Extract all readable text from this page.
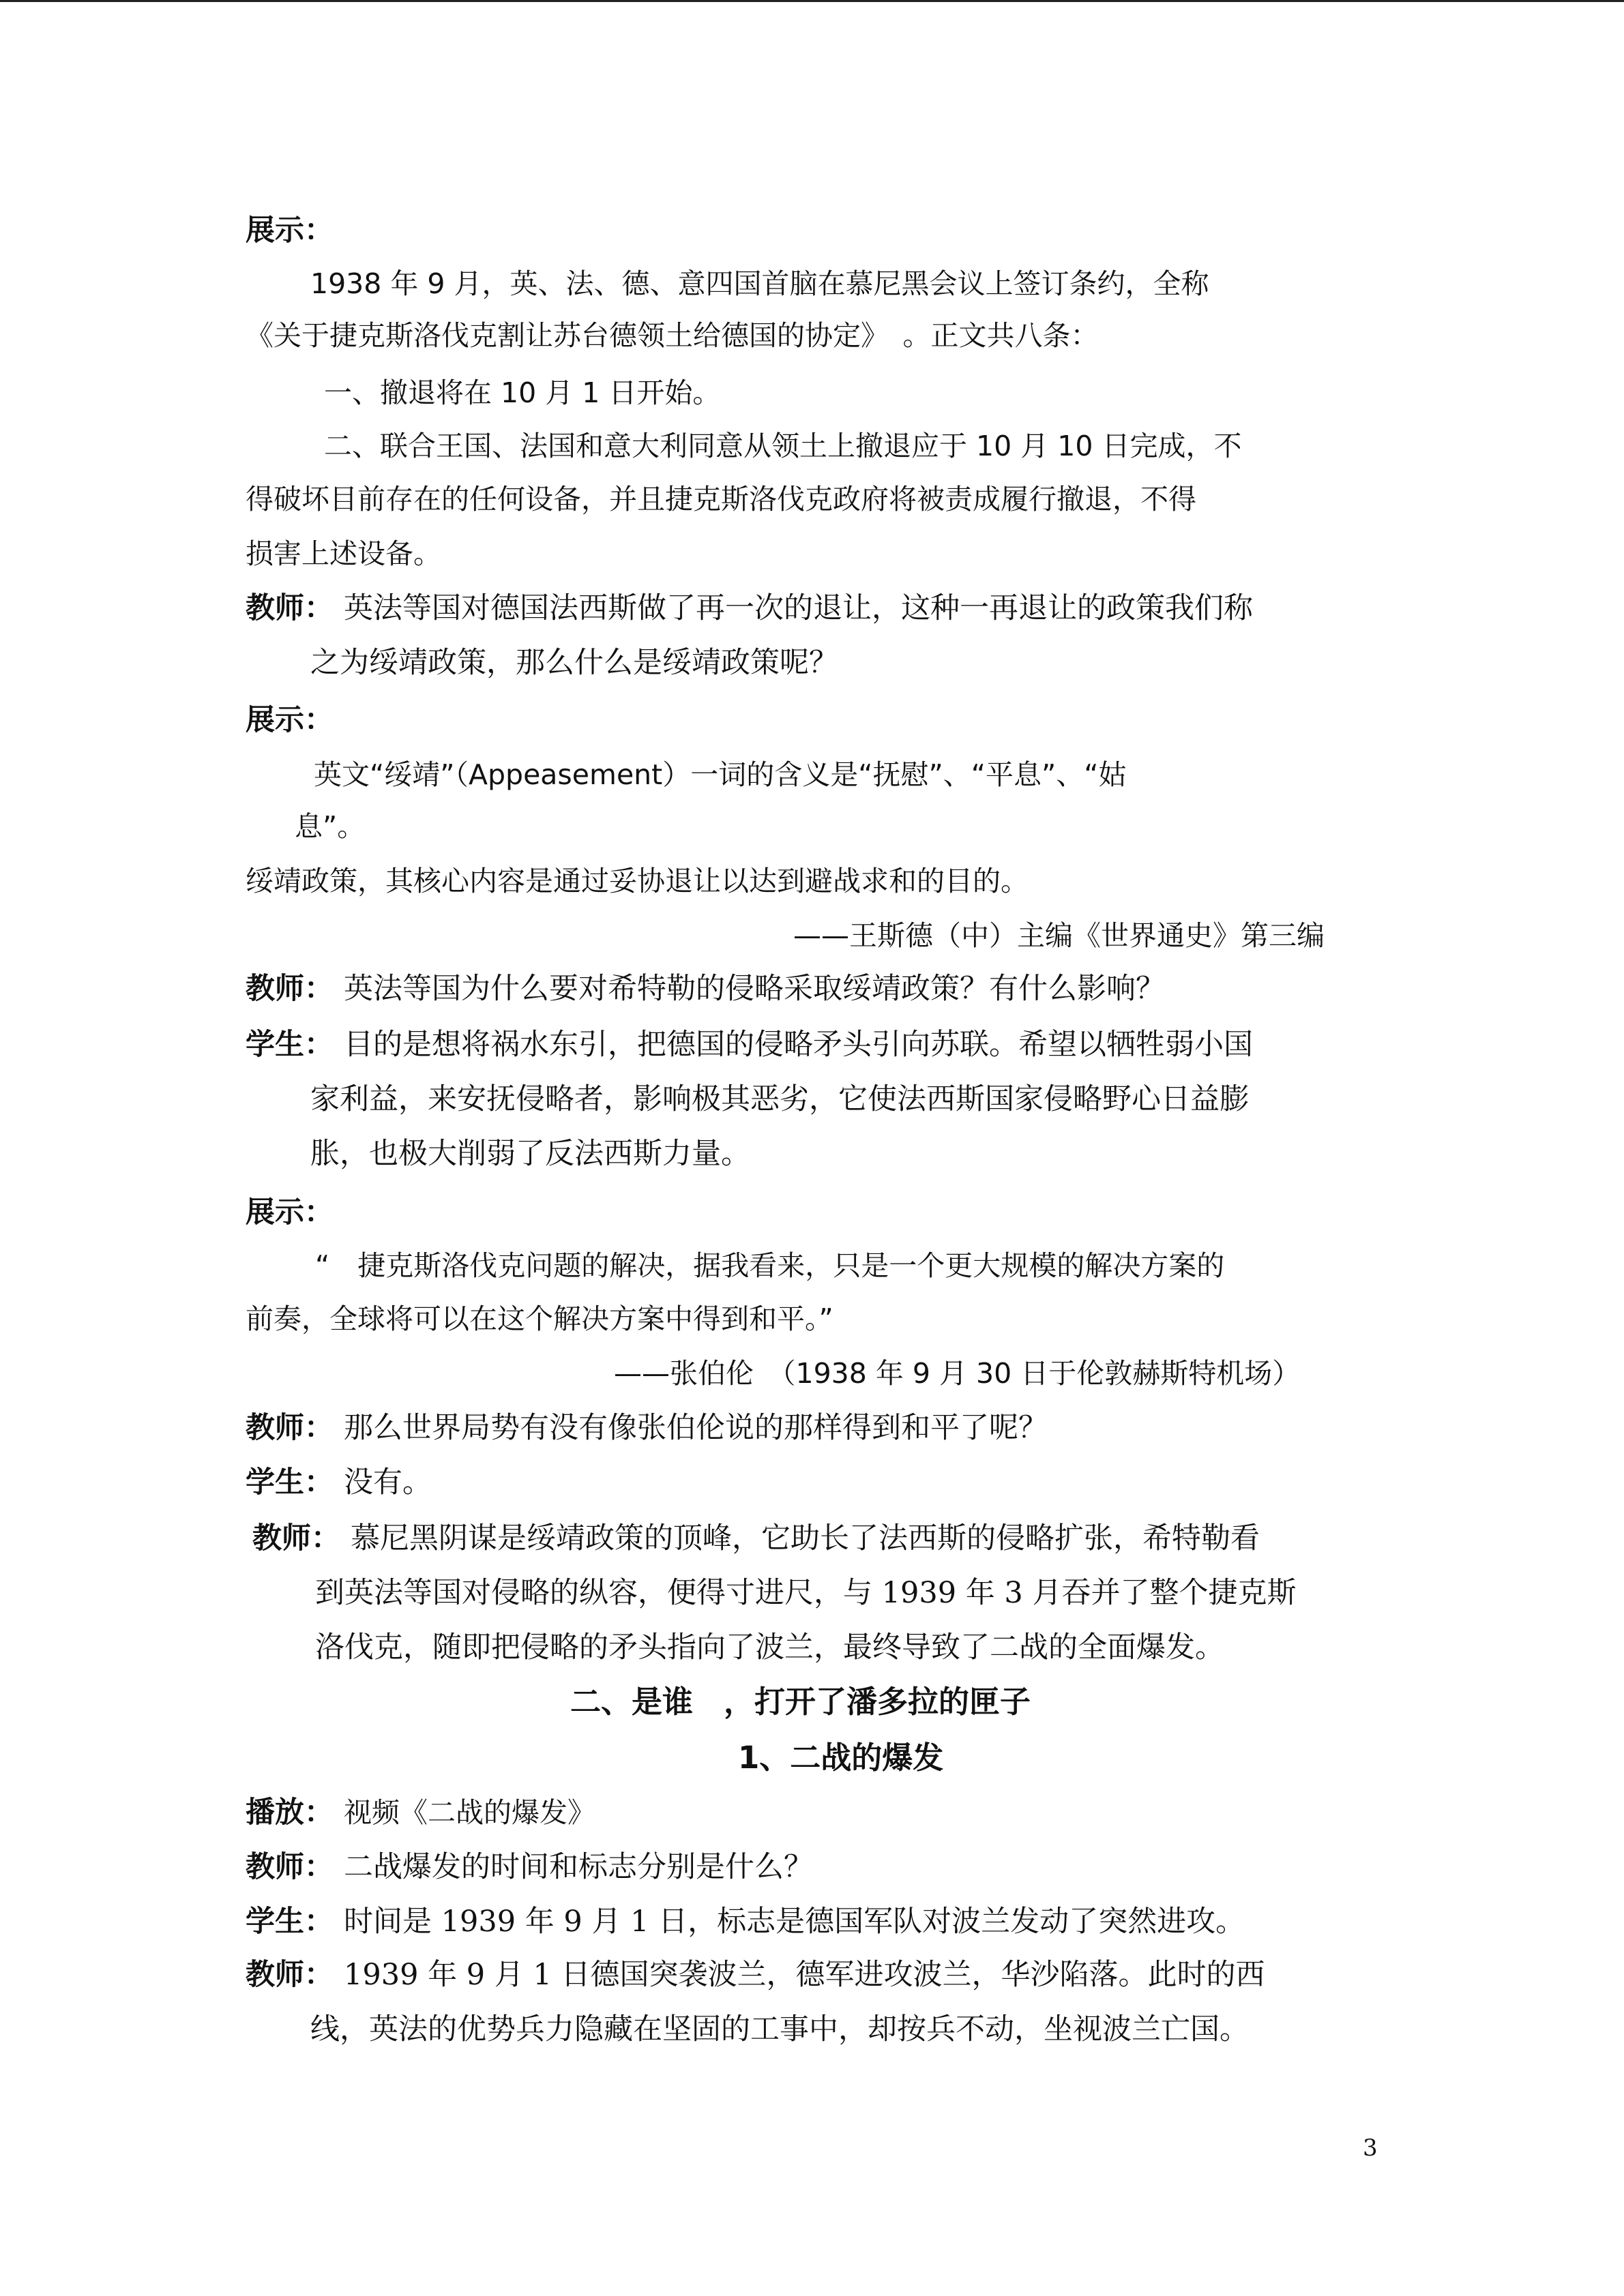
展示：
1938 年 9 月，英、法、德、意四国首脑在慕尼黑会议上签订条约，全称
《关于捷克斯洛伐克割让苏台德领土给德国的协定》　。正文共八条：
一、撤退将在 10 月 1 日开始。
二、联合王国、法国和意大利同意从领土上撤退应于 10 月 10 日完成，不
得破坏目前存在的任何设备，并且捷克斯洛伐克政府将被责成履行撤退，不得
损害上述设备。
教师： 英法等国对德国法西斯做了再一次的退让，这种一再退让的政策我们称
之为绥靖政策，那么什么是绥靖政策呢？
展示：
英文“绥靖”（Appeasement）一词的含义是“抚慰”、“平息”、“姑
息”。
绥靖政策，其核心内容是通过妥协退让以达到避战求和的目的。
——王斯德（中）主编《世界通史》第三编
教师： 英法等国为什么要对希特勒的侵略采取绥靖政策？有什么影响？
学生： 目的是想将祸水东引，把德国的侵略矛头引向苏联。希望以牺牲弱小国
家利益，来安抚侵略者，影响极其恶劣，它使法西斯国家侵略野心日益膨
胀，也极大削弱了反法西斯力量。
展示：
“　捷克斯洛伐克问题的解决，据我看来，只是一个更大规模的解决方案的
前奏，全球将可以在这个解决方案中得到和平。”
——张伯伦　（1938 年 9 月 30 日于伦敦赫斯特机场）
教师： 那么世界局势有没有像张伯伦说的那样得到和平了呢？
学生： 没有。
教师： 慕尼黑阴谋是绥靖政策的顶峰，它助长了法西斯的侵略扩张，希特勒看
到英法等国对侵略的纵容，便得寸进尺，与 1939 年 3 月吞并了整个捷克斯
洛伐克，随即把侵略的矛头指向了波兰，最终导致了二战的全面爆发。
二、是谁　，打开了潘多拉的匣子
1、二战的爆发
播放： 视频《二战的爆发》
教师： 二战爆发的时间和标志分别是什么？
学生： 时间是 1939 年 9 月 1 日，标志是德国军队对波兰发动了突然进攻。
教师： 1939 年 9 月 1 日德国突袭波兰，德军进攻波兰，华沙陷落。此时的西
线，英法的优势兵力隐藏在坚固的工事中，却按兵不动，坐视波兰亡国。
3
